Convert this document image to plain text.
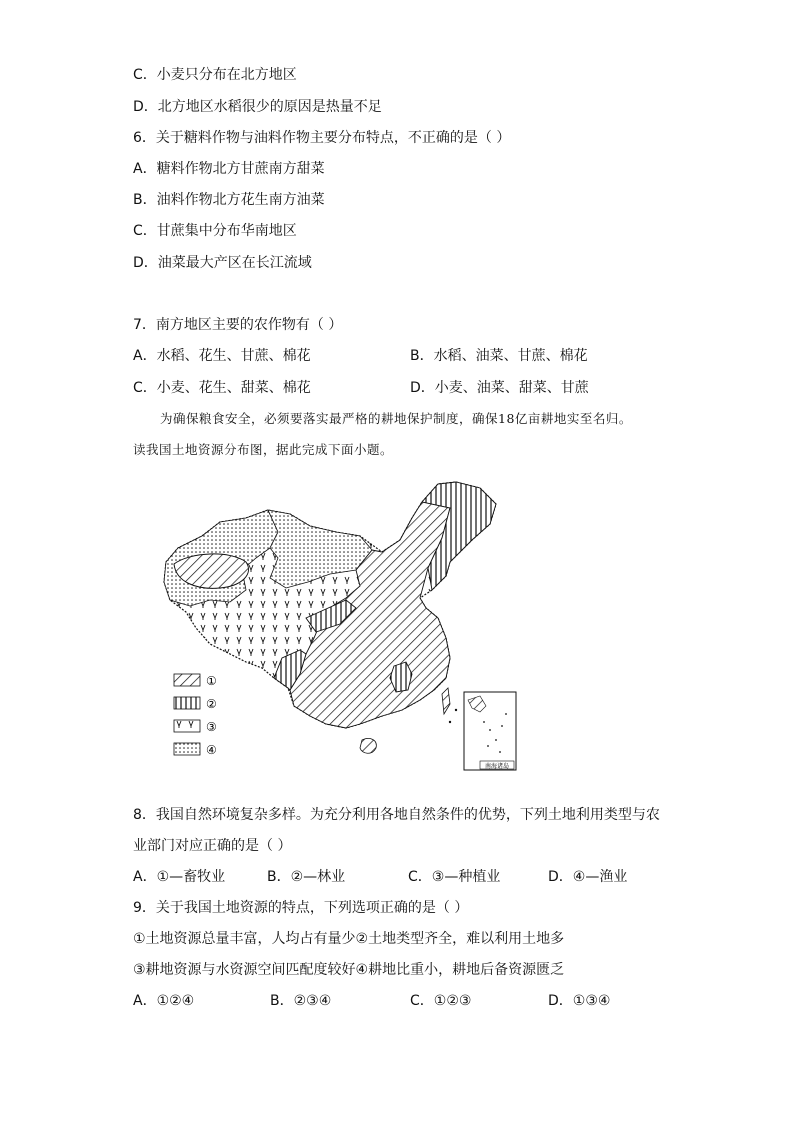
C．小麦只分布在北方地区
D．北方地区水稻很少的原因是热量不足
6．关于糖料作物与油料作物主要分布特点，不正确的是（ ）
A．糖料作物北方甘蔗南方甜菜
B．油料作物北方花生南方油菜
C．甘蔗集中分布华南地区
D．油菜最大产区在长江流域
7．南方地区主要的农作物有（ ）
A．水稻、花生、甘蔗、棉花	B．水稻、油菜、甘蔗、棉花
C．小麦、花生、甜菜、棉花	D．小麦、油菜、甜菜、甘蔗
为确保粮食安全，必须要落实最严格的耕地保护制度，确保18亿亩耕地实至名归。
读我国土地资源分布图，据此完成下面小题。
南海诸岛
①
②
③
④
8．我国自然环境复杂多样。为充分利用各地自然条件的优势，下列土地利用类型与农
业部门对应正确的是（ ）
A．①—畜牧业	B．②—林业	C．③—种植业	D．④—渔业
9．关于我国土地资源的特点，下列选项正确的是（ ）
①土地资源总量丰富，人均占有量少②土地类型齐全，难以利用土地多
③耕地资源与水资源空间匹配度较好④耕地比重小，耕地后备资源匮乏
A．①②④	B．②③④	C．①②③	D．①③④
